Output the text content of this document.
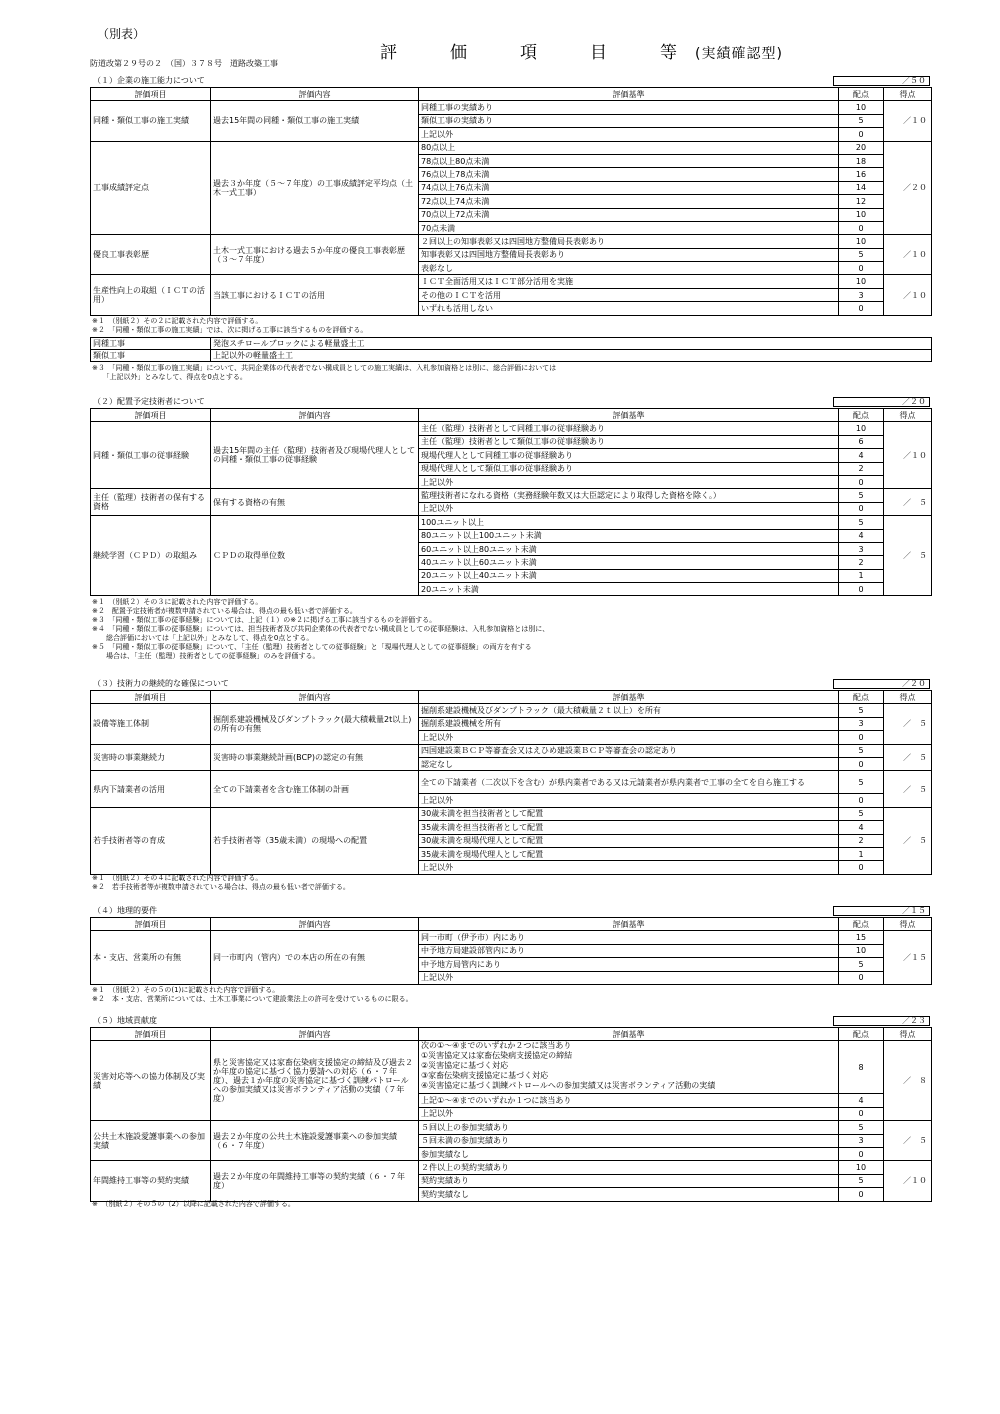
（別表）
評　価　項　目　等(実績確認型)
防道改第２９号の２　（国）３７８号　道路改築工事
（１）企業の施工能力について	／５０
評価項目	評価内容	評価基準	配点	得点
同種・類似工事の施工実績	過去15年間の同種・類似工事の施工実績	同種工事の実績あり	10	／１０
		類似工事の実績あり	5	
		上記以外	0	
工事成績評定点	過去３か年度（５～７年度）の工事成績評定平均点（土木一式工事）	80点以上	20	／２０
		78点以上80点未満	18	
		76点以上78点未満	16	
		74点以上76点未満	14	
		72点以上74点未満	12	
		70点以上72点未満	10	
		70点未満	0	
優良工事表彰歴	土木一式工事における過去５か年度の優良工事表彰歴（３～７年度）	２回以上の知事表彰又は四国地方整備局長表彰あり	10	／１０
		知事表彰又は四国地方整備局長表彰あり	5	
		表彰なし	0	
生産性向上の取組（ＩＣＴの活用）	当該工事におけるＩＣＴの活用	ＩＣＴ全面活用又はＩＣＴ部分活用を実施	10	／１０
		その他のＩＣＴを活用	3	
		いずれも活用しない	0	
※１　（別紙２）その２に記載された内容で評価する。
※２　「同種・類似工事の施工実績」では、次に掲げる工事に該当するものを評価する。
同種工事	発泡スチロールブロックによる軽量盛土工
類似工事	上記以外の軽量盛土工
※３　「同種・類似工事の施工実績」について、共同企業体の代表者でない構成員としての施工実績は、入札参加資格とは別に、総合評価においては
　　「上記以外」とみなして、得点を0点とする。
（２）配置予定技術者について	／２０
評価項目	評価内容	評価基準	配点	得点
同種・類似工事の従事経験	過去15年間の主任（監理）技術者及び現場代理人としての同種・類似工事の従事経験	主任（監理）技術者として同種工事の従事経験あり	10	／１０
		主任（監理）技術者として類似工事の従事経験あり	6	
		現場代理人として同種工事の従事経験あり	4	
		現場代理人として類似工事の従事経験あり	2	
		上記以外	0	
主任（監理）技術者の保有する資格	保有する資格の有無	監理技術者になれる資格（実務経験年数又は大臣認定により取得した資格を除く。）	5	／　５
		上記以外	0	
継続学習（ＣＰＤ）の取組み	ＣＰＤの取得単位数	100ユニット以上	5	／　５
		80ユニット以上100ユニット未満	4	
		60ユニット以上80ユニット未満	3	
		40ユニット以上60ユニット未満	2	
		20ユニット以上40ユニット未満	1	
		20ユニット未満	0	
※１　（別紙２）その３に記載された内容で評価する。
※２　配置予定技術者が複数申請されている場合は、得点の最も低い者で評価する。
※３　「同種・類似工事の従事経験」については、上記（１）の※２に掲げる工事に該当するものを評価する。
※４　「同種・類似工事の従事経験」については、担当技術者及び共同企業体の代表者でない構成員としての従事経験は、入札参加資格とは別に、
　　総合評価においては「上記以外」とみなして、得点を0点とする。
※５　「同種・類似工事の従事経験」について、「主任（監理）技術者としての従事経験」と「現場代理人としての従事経験」の両方を有する
　　場合は、「主任（監理）技術者としての従事経験」のみを評価する。
（３）技術力の継続的な確保について	／２０
評価項目	評価内容	評価基準	配点	得点
設備等施工体制	掘削系建設機械及びダンプトラック(最大積載量2t以上)の所有の有無	掘削系建設機械及びダンプトラック（最大積載量２ｔ以上）を所有	5	／　５
		掘削系建設機械を所有	3	
		上記以外	0	
災害時の事業継続力	災害時の事業継続計画(BCP)の認定の有無	四国建設業ＢＣＰ等審査会又はえひめ建設業ＢＣＰ等審査会の認定あり	5	／　５
		認定なし	0	
県内下請業者の活用	全ての下請業者を含む施工体制の計画	全ての下請業者（二次以下を含む）が県内業者である又は元請業者が県内業者で工事の全てを自ら施工する	5	／　５
		上記以外	0	
若手技術者等の育成	若手技術者等（35歳未満）の現場への配置	30歳未満を担当技術者として配置	5	／　５
		35歳未満を担当技術者として配置	4	
		30歳未満を現場代理人として配置	2	
		35歳未満を現場代理人として配置	1	
		上記以外	0	
※１　（別紙２）その４に記載された内容で評価する。
※２　若手技術者等が複数申請されている場合は、得点の最も低い者で評価する。
（４）地理的要件	／１５
評価項目	評価内容	評価基準	配点	得点
本・支店、営業所の有無	同一市町内（管内）での本店の所在の有無	同一市町（伊予市）内にあり	15	／１５
		中予地方局建設部管内にあり	10	
		中予地方局管内にあり	5	
		上記以外	0	
※１　（別紙２）その５の(1)に記載された内容で評価する。
※２　本・支店、営業所については、土木工事業について建設業法上の許可を受けているものに限る。
（５）地域貢献度	／２３
評価項目	評価内容	評価基準	配点	得点
災害対応等への協力体制及び実績	県と災害協定又は家畜伝染病支援協定の締結及び過去２か年度の協定に基づく協力要請への対応（６・７年度）、過去１か年度の災害協定に基づく訓練パトロールへの参加実績又は災害ボランティア活動の実績（７年度）	次の①～④までのいずれか２つに該当あり
①災害協定又は家畜伝染病支援協定の締結
②災害協定に基づく対応
③家畜伝染病支援協定に基づく対応
④災害協定に基づく訓練パトロールへの参加実績又は災害ボランティア活動の実績	8	／　８
		上記①～④までのいずれか１つに該当あり	4	
		上記以外	0	
公共土木施設愛護事業への参加実績	過去２か年度の公共土木施設愛護事業への参加実績（６・７年度）	５回以上の参加実績あり	5	／　５
		５回未満の参加実績あり	3	
		参加実績なし	0	
年間維持工事等の契約実績	過去２か年度の年間維持工事等の契約実績（６・７年度）	２件以上の契約実績あり	10	／１０
		契約実績あり	5	
		契約実績なし	0	
※　（別紙２）その５の（2）以降に記載された内容で評価する。
